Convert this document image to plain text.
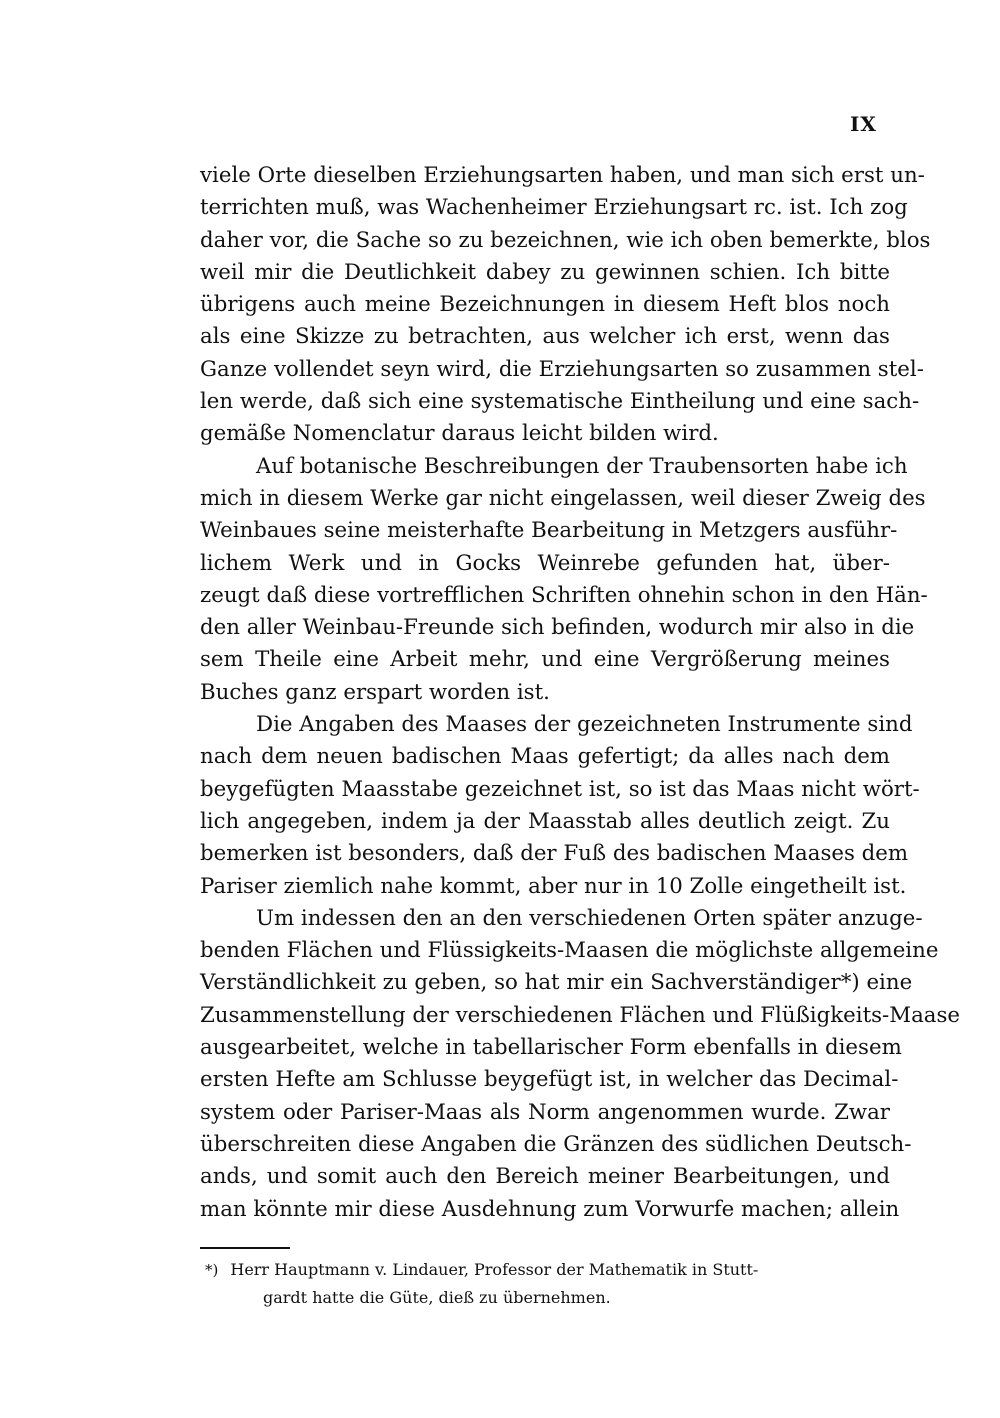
IX
viele Orte dieselben Erziehungsarten haben, und man sich erst un-
terrichten muß, was Wachenheimer Erziehungsart rc. ist. Ich zog
daher vor, die Sache so zu bezeichnen, wie ich oben bemerkte, blos
weil mir die Deutlichkeit dabey zu gewinnen schien. Ich bitte
übrigens auch meine Bezeichnungen in diesem Heft blos noch
als eine Skizze zu betrachten, aus welcher ich erst, wenn das
Ganze vollendet seyn wird, die Erziehungsarten so zusammen stel-
len werde, daß sich eine systematische Eintheilung und eine sach-
gemäße Nomenclatur daraus leicht bilden wird.
Auf botanische Beschreibungen der Traubensorten habe ich
mich in diesem Werke gar nicht eingelassen, weil dieser Zweig des
Weinbaues seine meisterhafte Bearbeitung in Metzgers ausführ-
lichem Werk und in Gocks Weinrebe gefunden hat, über-
zeugt daß diese vortrefflichen Schriften ohnehin schon in den Hän-
den aller Weinbau-Freunde sich befinden, wodurch mir also in die
sem Theile eine Arbeit mehr, und eine Vergrößerung meines
Buches ganz erspart worden ist.
Die Angaben des Maases der gezeichneten Instrumente sind
nach dem neuen badischen Maas gefertigt; da alles nach dem
beygefügten Maasstabe gezeichnet ist, so ist das Maas nicht wört-
lich angegeben, indem ja der Maasstab alles deutlich zeigt. Zu
bemerken ist besonders, daß der Fuß des badischen Maases dem
Pariser ziemlich nahe kommt, aber nur in 10 Zolle eingetheilt ist.
Um indessen den an den verschiedenen Orten später anzuge-
benden Flächen und Flüssigkeits-Maasen die möglichste allgemeine
Verständlichkeit zu geben, so hat mir ein Sachverständiger*) eine
Zusammenstellung der verschiedenen Flächen und Flüßigkeits-Maase
ausgearbeitet, welche in tabellarischer Form ebenfalls in diesem
ersten Hefte am Schlusse beygefügt ist, in welcher das Decimal-
system oder Pariser-Maas als Norm angenommen wurde. Zwar
überschreiten diese Angaben die Gränzen des südlichen Deutsch-
ands, und somit auch den Bereich meiner Bearbeitungen, und
man könnte mir diese Ausdehnung zum Vorwurfe machen; allein
*) Herr Hauptmann v. Lindauer, Professor der Mathematik in Stutt-
gardt hatte die Güte, dieß zu übernehmen.
